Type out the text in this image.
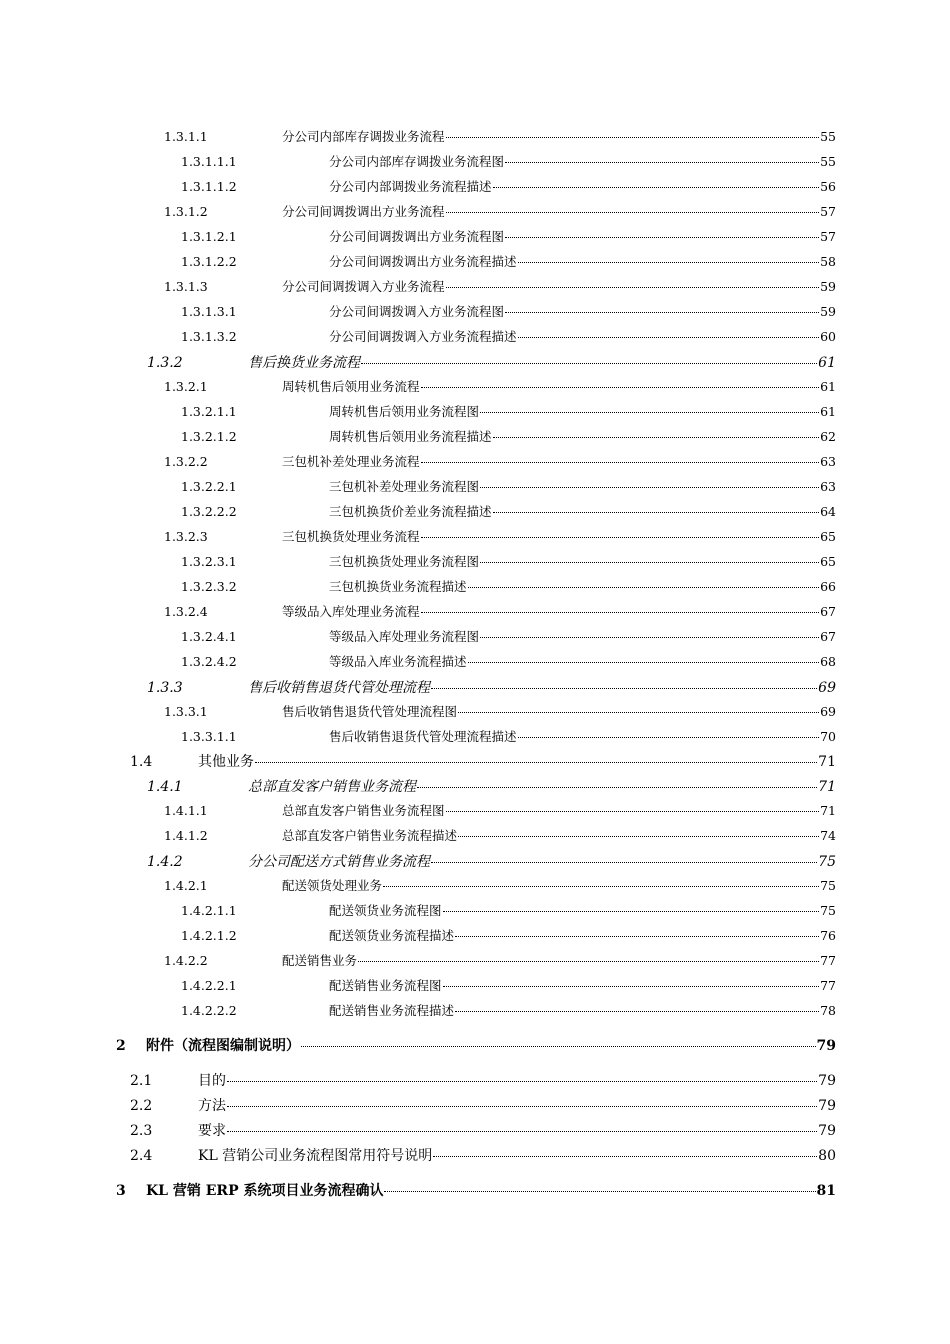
1.3.1.1	分公司内部库存调拨业务流程	55
1.3.1.1.1	分公司内部库存调拨业务流程图	55
1.3.1.1.2	分公司内部调拨业务流程描述	56
1.3.1.2	分公司间调拨调出方业务流程	57
1.3.1.2.1	分公司间调拨调出方业务流程图	57
1.3.1.2.2	分公司间调拨调出方业务流程描述	58
1.3.1.3	分公司间调拨调入方业务流程	59
1.3.1.3.1	分公司间调拨调入方业务流程图	59
1.3.1.3.2	分公司间调拨调入方业务流程描述	60
1.3.2	售后换货业务流程	61
1.3.2.1	周转机售后领用业务流程	61
1.3.2.1.1	周转机售后领用业务流程图	61
1.3.2.1.2	周转机售后领用业务流程描述	62
1.3.2.2	三包机补差处理业务流程	63
1.3.2.2.1	三包机补差处理业务流程图	63
1.3.2.2.2	三包机换货价差业务流程描述	64
1.3.2.3	三包机换货处理业务流程	65
1.3.2.3.1	三包机换货处理业务流程图	65
1.3.2.3.2	三包机换货业务流程描述	66
1.3.2.4	等级品入库处理业务流程	67
1.3.2.4.1	等级品入库处理业务流程图	67
1.3.2.4.2	等级品入库业务流程描述	68
1.3.3	售后收销售退货代管处理流程	69
1.3.3.1	售后收销售退货代管处理流程图	69
1.3.3.1.1	售后收销售退货代管处理流程描述	70
1.4	其他业务	71
1.4.1	总部直发客户销售业务流程	71
1.4.1.1	总部直发客户销售业务流程图	71
1.4.1.2	总部直发客户销售业务流程描述	74
1.4.2	分公司配送方式销售业务流程	75
1.4.2.1	配送领货处理业务	75
1.4.2.1.1	配送领货业务流程图	75
1.4.2.1.2	配送领货业务流程描述	76
1.4.2.2	配送销售业务	77
1.4.2.2.1	配送销售业务流程图	77
1.4.2.2.2	配送销售业务流程描述	78
2	附件（流程图编制说明）	79
2.1	目的	79
2.2	方法	79
2.3	要求	79
2.4	KL 营销公司业务流程图常用符号说明	80
3	KL 营销 ERP 系统项目业务流程确认	81
